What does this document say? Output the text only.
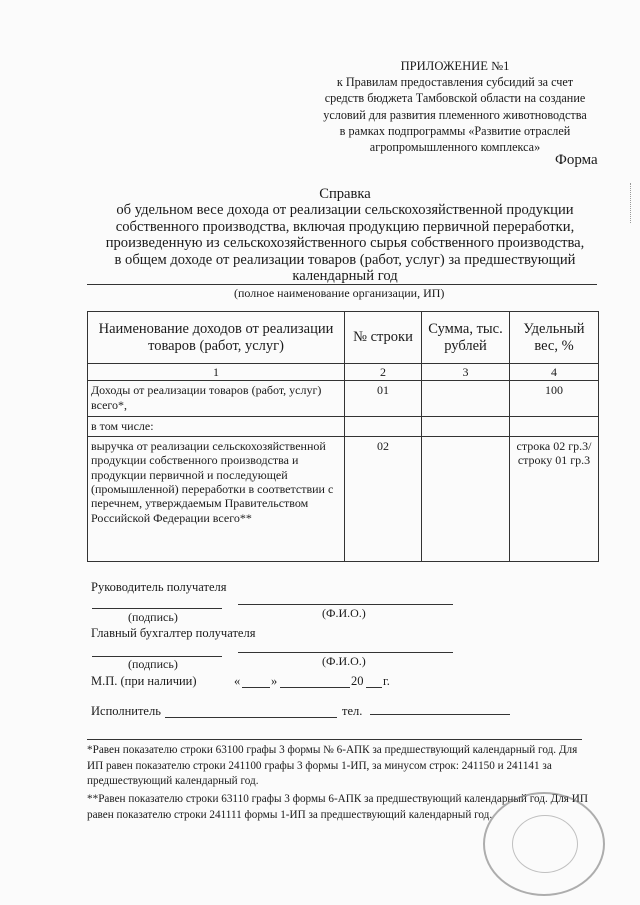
ПРИЛОЖЕНИЕ №1
к Правилам предоставления субсидий за счет
средств бюджета Тамбовской области на создание
условий для развития племенного животноводства
в рамках подпрограммы «Развитие отраслей
агропромышленного комплекса»
Форма
Справка
об удельном весе дохода от реализации сельскохозяйственной продукции
собственного производства, включая продукцию первичной переработки,
произведенную из сельскохозяйственного сырья собственного производства,
в общем доходе от реализации товаров (работ, услуг) за предшествующий
календарный год
(полное наименование организации, ИП)
Наименование доходов от реализации товаров (работ, услуг)	№ строки	Сумма, тыс. рублей	Удельный вес, %
1	2	3	4
Доходы от реализации товаров (работ, услуг) всего*,	01		100
в том числе:			
выручка от реализации сельскохозяйственной продукции собственного производства и продукции первичной и последующей (промышленной) переработки в соответствии с перечнем, утверждаемым Правительством Российской Федерации всего**	02		строка 02 гр.3/ строку 01 гр.3
Руководитель получателя
(подпись)	(Ф.И.О.)
Главный бухгалтер получателя
(подпись)	(Ф.И.О.)
М.П. (при наличии)	« »	20 г.
Исполнитель	тел.
*Равен показателю строки 63100 графы 3 формы № 6-АПК за предшествующий календарный год. Для ИП равен показателю строки 241100 графы 3 формы 1-ИП, за минусом строк: 241150 и 241141 за предшествующий календарный год.
**Равен показателю строки 63110 графы 3 формы 6-АПК за предшествующий календарный год. Для ИП равен показателю строки 241111 формы 1-ИП за предшествующий календарный год.
